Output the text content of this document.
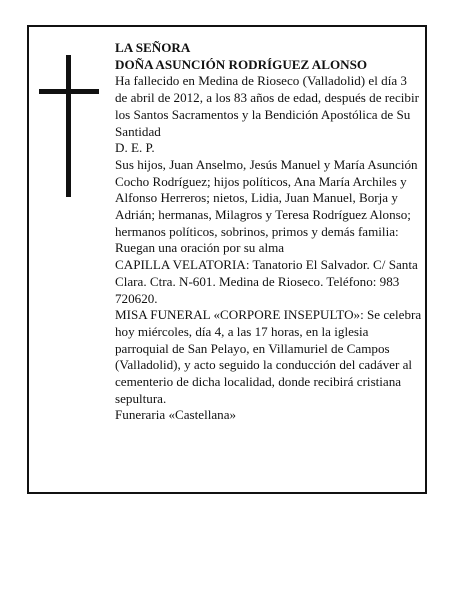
LA SEÑORA

DOÑA ASUNCIÓN RODRÍGUEZ ALONSO

Ha fallecido en Medina de Rioseco (Valladolid) el día 3 de abril de 2012, a los 83 años de edad, después de recibir los Santos Sacramentos y la Bendición Apostólica de Su Santidad

D. E. P.

Sus hijos, Juan Anselmo, Jesús Manuel y María Asunción Cocho Rodríguez; hijos políticos, Ana María Archiles y Alfonso Herreros; nietos, Lidia, Juan Manuel, Borja y Adrián; hermanas, Milagros y Teresa Rodríguez Alonso; hermanos políticos, sobrinos, primos y demás familia:

Ruegan una oración por su alma

CAPILLA VELATORIA: Tanatorio El Salvador. C/ Santa Clara. Ctra. N-601. Medina de Rioseco. Teléfono: 983 720620.

MISA FUNERAL «CORPORE INSEPULTO»: Se celebra hoy miércoles, día 4, a las 17 horas, en la iglesia parroquial de San Pelayo, en Villamuriel de Campos (Valladolid), y acto seguido la conducción del cadáver al cementerio de dicha localidad, donde recibirá cristiana sepultura.

Funeraria «Castellana»
